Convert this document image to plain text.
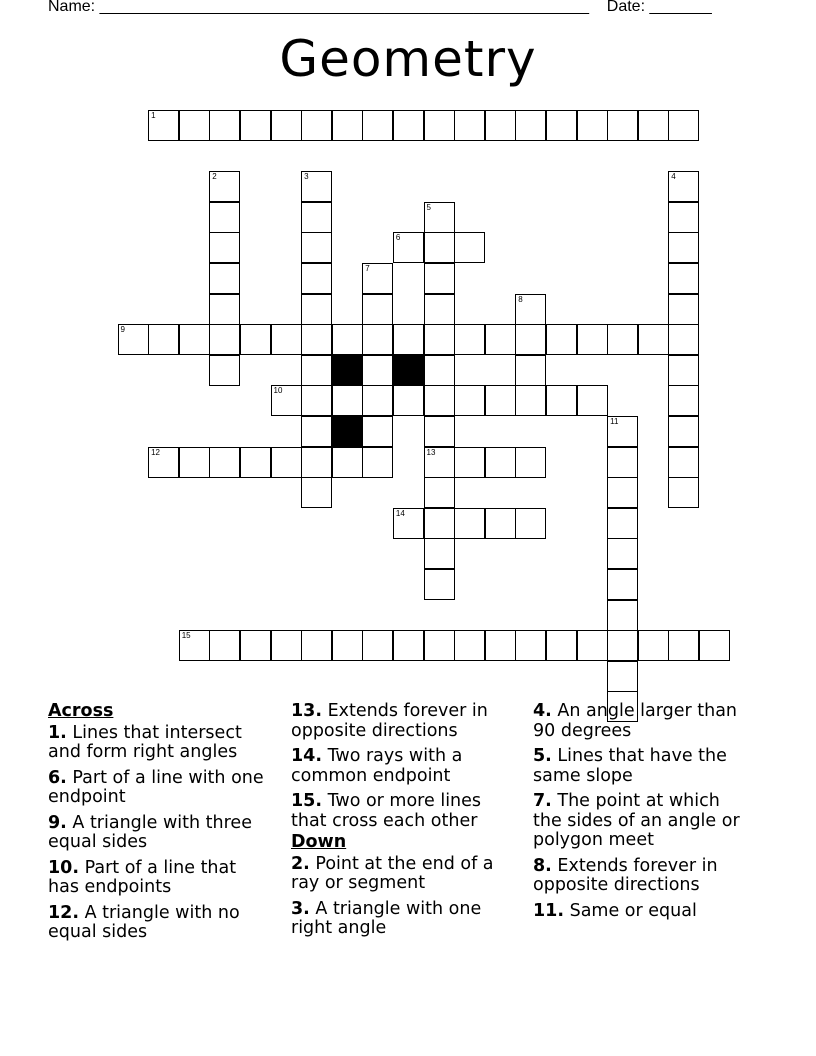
Name: _______________________________________________________ Date: _______
Geometry
1
6
9
10
12	13
14
15
2	3	4
5
7
8
11
Across
1. Lines that intersect and form right angles
6. Part of a line with one endpoint
9. A triangle with three equal sides
10. Part of a line that has endpoints
12. A triangle with no equal sides
13. Extends forever in opposite directions
14. Two rays with a common endpoint
15. Two or more lines that cross each other
Down
2. Point at the end of a ray or segment
3. A triangle with one right angle
4. An angle larger than 90 degrees
5. Lines that have the same slope
7. The point at which the sides of an angle or polygon meet
8. Extends forever in opposite directions
11. Same or equal
